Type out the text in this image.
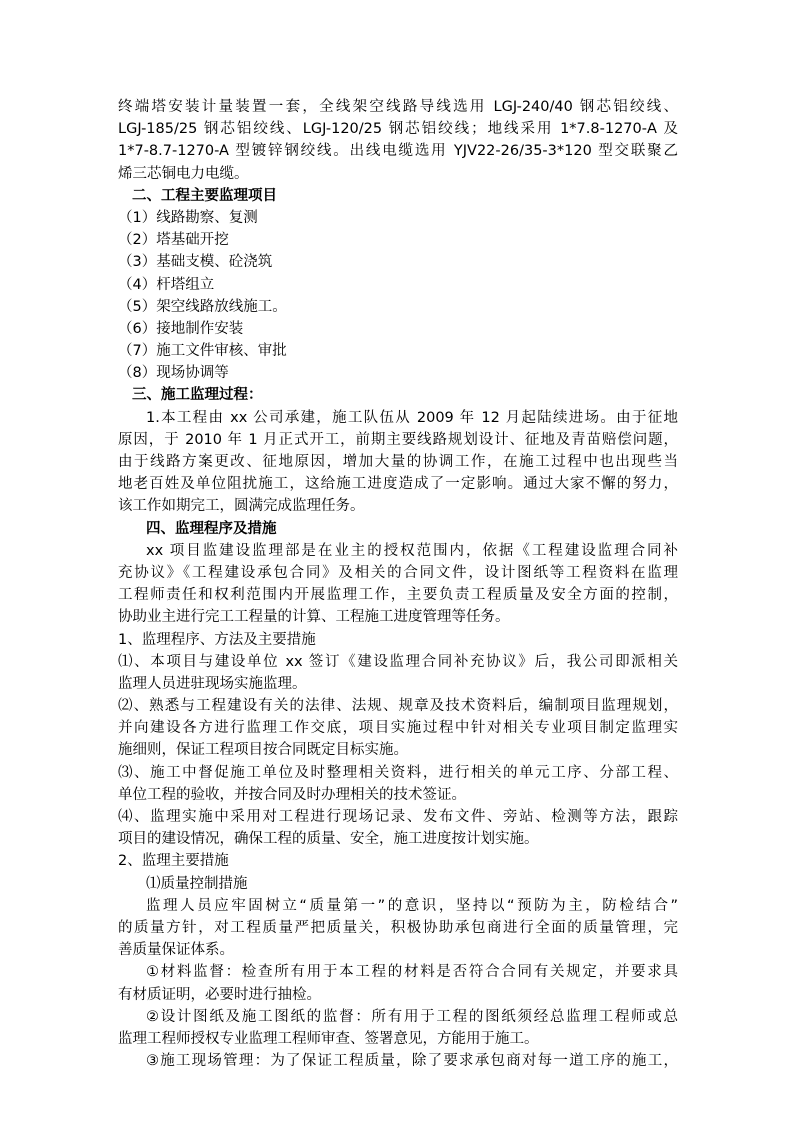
终端塔安装计量装置一套，全线架空线路导线选用 LGJ-240/40 钢芯铝绞线、
LGJ-185/25 钢芯铝绞线、LGJ-120/25 钢芯铝绞线；地线采用 1*7.8-1270-A 及
1*7-8.7-1270-A 型镀锌钢绞线。出线电缆选用 YJV22-26/35-3*120 型交联聚乙
烯三芯铜电力电缆。
二、工程主要监理项目
（1）线路勘察、复测
（2）塔基础开挖
（3）基础支模、砼浇筑
（4）杆塔组立
（5）架空线路放线施工。
（6）接地制作安装
（7）施工文件审核、审批
（8）现场协调等
三、施工监理过程：
1.本工程由 xx 公司承建，施工队伍从 2009 年 12 月起陆续进场。由于征地
原因，于 2010 年 1 月正式开工，前期主要线路规划设计、征地及青苗赔偿问题，
由于线路方案更改、征地原因，增加大量的协调工作，在施工过程中也出现些当
地老百姓及单位阻扰施工，这给施工进度造成了一定影响。通过大家不懈的努力，
该工作如期完工，圆满完成监理任务。
四、监理程序及措施
xx 项目监建设监理部是在业主的授权范围内，依据《工程建设监理合同补
充协议》《工程建设承包合同》及相关的合同文件，设计图纸等工程资料在监理
工程师责任和权利范围内开展监理工作，主要负责工程质量及安全方面的控制，
协助业主进行完工工程量的计算、工程施工进度管理等任务。
1、监理程序、方法及主要措施
⑴、本项目与建设单位 xx 签订《建设监理合同补充协议》后，我公司即派相关
监理人员进驻现场实施监理。
⑵、熟悉与工程建设有关的法律、法规、规章及技术资料后，编制项目监理规划，
并向建设各方进行监理工作交底，项目实施过程中针对相关专业项目制定监理实
施细则，保证工程项目按合同既定目标实施。
⑶、施工中督促施工单位及时整理相关资料，进行相关的单元工序、分部工程、
单位工程的验收，并按合同及时办理相关的技术签证。
⑷、监理实施中采用对工程进行现场记录、发布文件、旁站、检测等方法，跟踪
项目的建设情况，确保工程的质量、安全，施工进度按计划实施。
2、监理主要措施
⑴质量控制措施
监理人员应牢固树立“质量第一”的意识，坚持以“预防为主，防检结合”
的质量方针，对工程质量严把质量关，积极协助承包商进行全面的质量管理，完
善质量保证体系。
①材料监督：检查所有用于本工程的材料是否符合合同有关规定，并要求具
有材质证明，必要时进行抽检。
②设计图纸及施工图纸的监督：所有用于工程的图纸须经总监理工程师或总
监理工程师授权专业监理工程师审查、签署意见，方能用于施工。
③施工现场管理：为了保证工程质量，除了要求承包商对每一道工序的施工，
